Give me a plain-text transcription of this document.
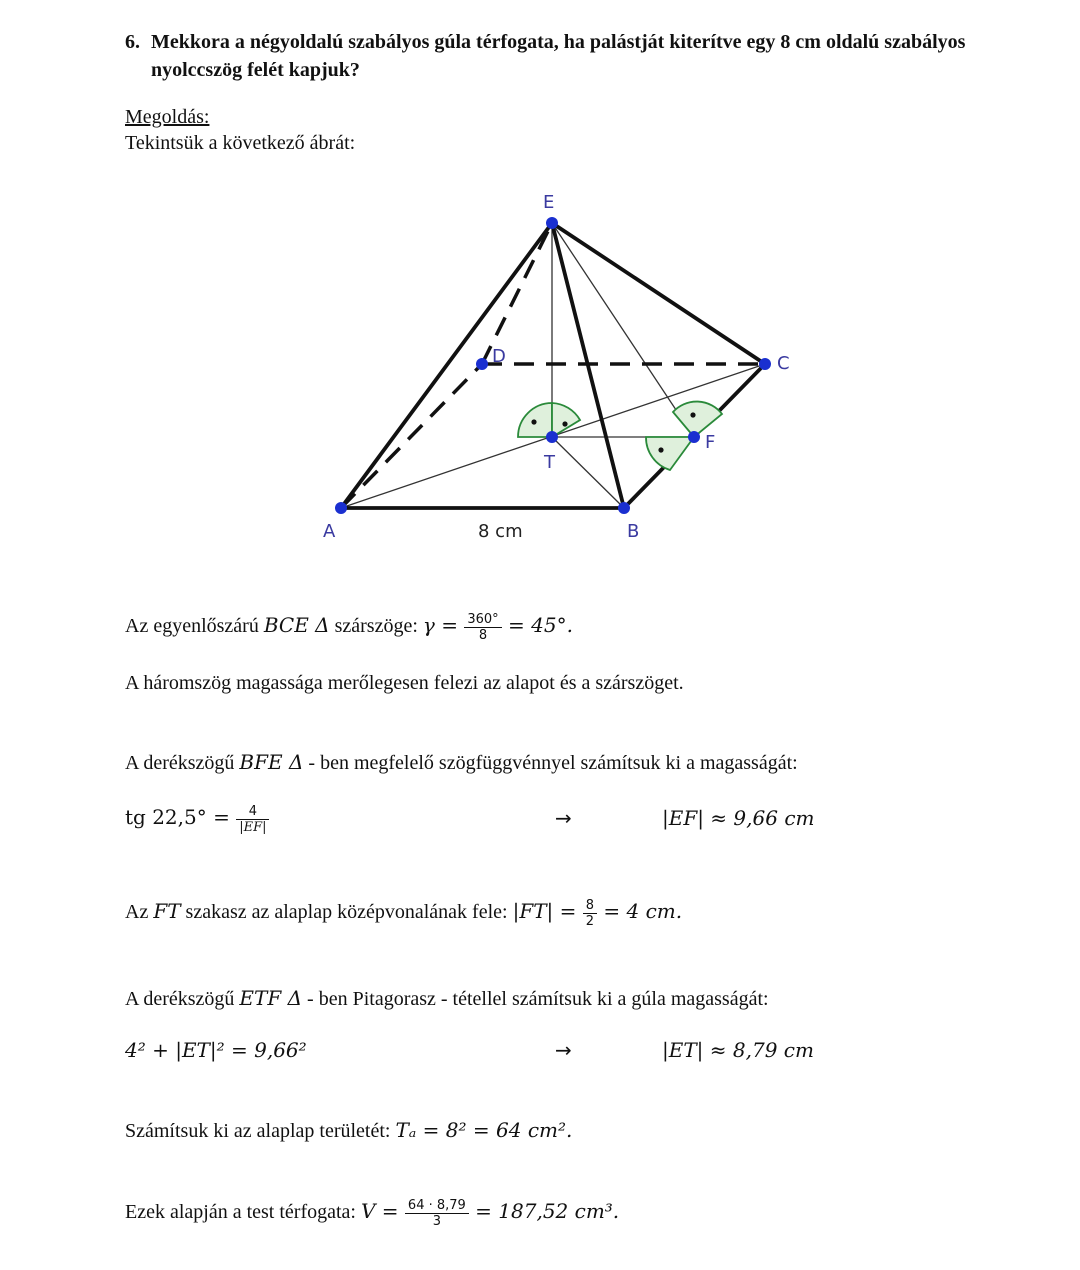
6. Mekkora a négyoldalú szabályos gúla térfogata, ha palástját kiterítve egy 8 cm oldalú szabályos nyolccszög felét kapjuk?
Megoldás:
Tekintsük a következő ábrát:
E
D	C
T
F
A	B
8 cm
Az egyenlőszárú BCE Δ szárszöge: $\gamma = \frac{360^\circ}{8} = 45^\circ$.
A háromszög magassága merőlegesen felezi az alapot és a szárszöget.
A derékszögű BFE Δ - ben megfelelő szögfüggvénnyel számítsuk ki a magasságát:
tg $22,5^\circ = \frac{4}{|EF|}$	→	|EF| ≈ 9,66 cm
Az FT szakasz az alaplap középvonalának fele: $|FT| = \frac{8}{2} = 4$ cm.
A derékszögű ETF Δ - ben Pitagorasz - tétellel számítsuk ki a gúla magasságát:
4² + |ET|² = 9,66²	→	|ET| ≈ 8,79 cm
Számítsuk ki az alaplap területét: Tₐ = 8² = 64 cm².
Ezek alapján a test térfogata: $V = \frac{64 \cdot 8,79}{3} = 187,52$ cm³.
